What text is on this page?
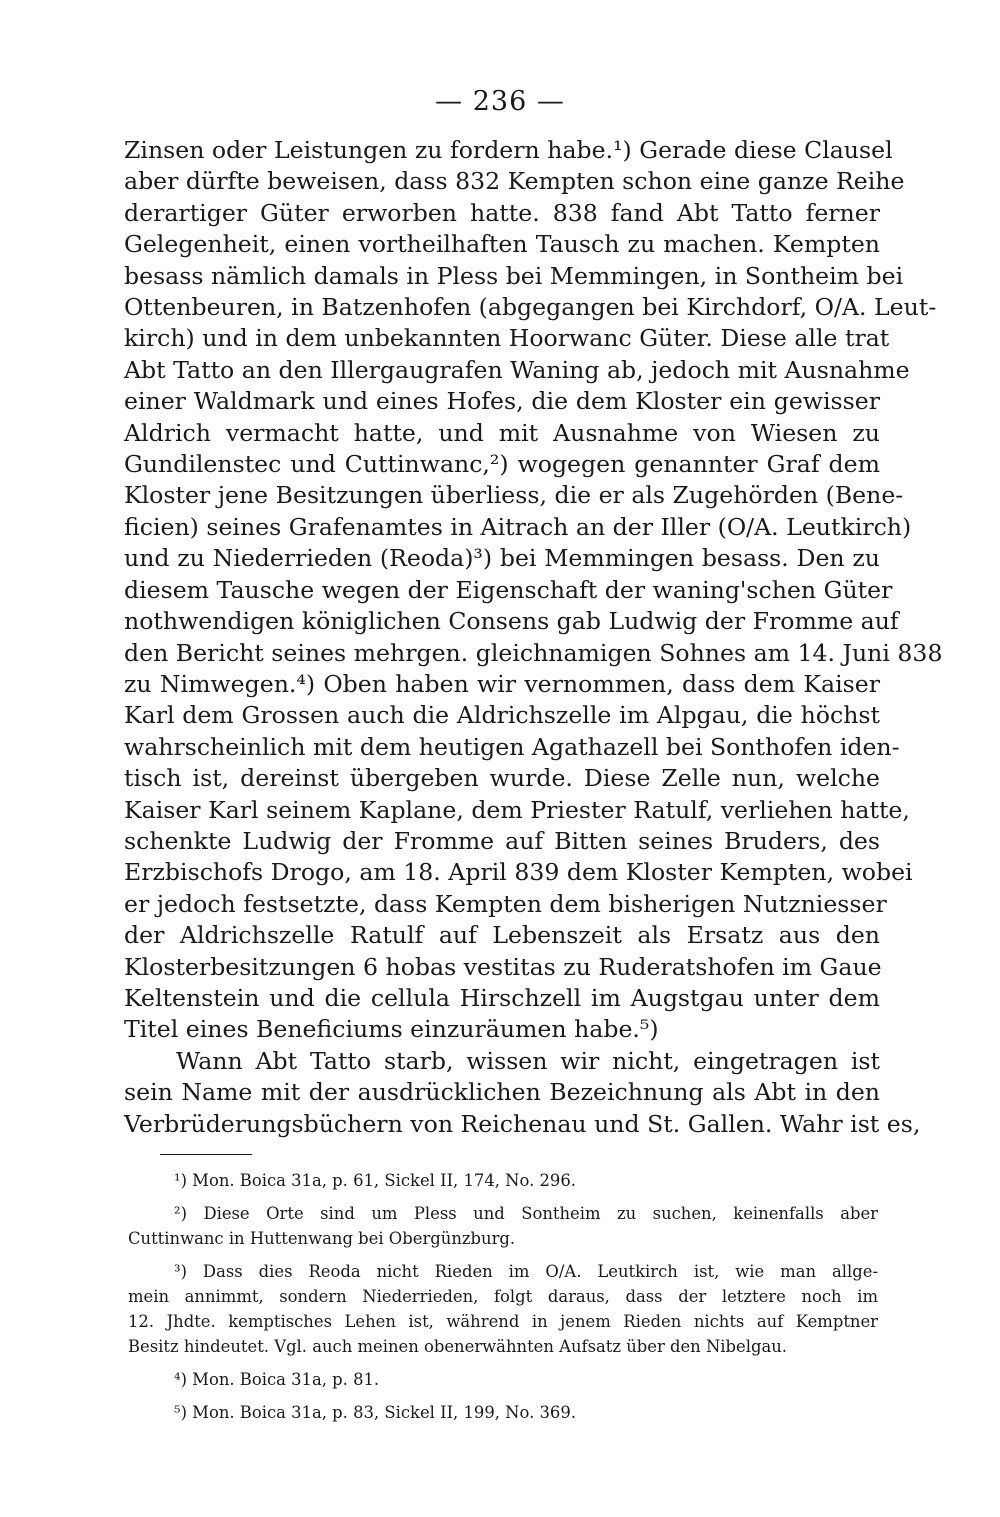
— 236 —

Zinsen oder Leistungen zu fordern habe.¹) Gerade diese Clausel
aber dürfte beweisen, dass 832 Kempten schon eine ganze Reihe
derartiger Güter erworben hatte. 838 fand Abt Tatto ferner
Gelegenheit, einen vortheilhaften Tausch zu machen. Kempten
besass nämlich damals in Pless bei Memmingen, in Sontheim bei
Ottenbeuren, in Batzenhofen (abgegangen bei Kirchdorf, O/A. Leut-
kirch) und in dem unbekannten Hoorwanc Güter. Diese alle trat
Abt Tatto an den Illergaugrafen Waning ab, jedoch mit Ausnahme
einer Waldmark und eines Hofes, die dem Kloster ein gewisser
Aldrich vermacht hatte, und mit Ausnahme von Wiesen zu
Gundilenstec und Cuttinwanc,²) wogegen genannter Graf dem
Kloster jene Besitzungen überliess, die er als Zugehörden (Bene-
ficien) seines Grafenamtes in Aitrach an der Iller (O/A. Leutkirch)
und zu Niederrieden (Reoda)³) bei Memmingen besass. Den zu
diesem Tausche wegen der Eigenschaft der waning'schen Güter
nothwendigen königlichen Consens gab Ludwig der Fromme auf
den Bericht seines mehrgen. gleichnamigen Sohnes am 14. Juni 838
zu Nimwegen.⁴) Oben haben wir vernommen, dass dem Kaiser
Karl dem Grossen auch die Aldrichszelle im Alpgau, die höchst
wahrscheinlich mit dem heutigen Agathazell bei Sonthofen iden-
tisch ist, dereinst übergeben wurde. Diese Zelle nun, welche
Kaiser Karl seinem Kaplane, dem Priester Ratulf, verliehen hatte,
schenkte Ludwig der Fromme auf Bitten seines Bruders, des
Erzbischofs Drogo, am 18. April 839 dem Kloster Kempten, wobei
er jedoch festsetzte, dass Kempten dem bisherigen Nutzniesser
der Aldrichszelle Ratulf auf Lebenszeit als Ersatz aus den
Klosterbesitzungen 6 hobas vestitas zu Ruderatshofen im Gaue
Keltenstein und die cellula Hirschzell im Augstgau unter dem
Titel eines Beneficiums einzuräumen habe.⁵)

Wann Abt Tatto starb, wissen wir nicht, eingetragen ist
sein Name mit der ausdrücklichen Bezeichnung als Abt in den
Verbrüderungsbüchern von Reichenau und St. Gallen. Wahr ist es,

¹) Mon. Boica 31a, p. 61, Sickel II, 174, No. 296.
²) Diese Orte sind um Pless und Sontheim zu suchen, keinenfalls aber
Cuttinwanc in Huttenwang bei Obergünzburg.
³) Dass dies Reoda nicht Rieden im O/A. Leutkirch ist, wie man allge-
mein annimmt, sondern Niederrieden, folgt daraus, dass der letztere noch im
12. Jhdte. kemptisches Lehen ist, während in jenem Rieden nichts auf Kemptner
Besitz hindeutet. Vgl. auch meinen obenerwähnten Aufsatz über den Nibelgau.
⁴) Mon. Boica 31a, p. 81.
⁵) Mon. Boica 31a, p. 83, Sickel II, 199, No. 369.
